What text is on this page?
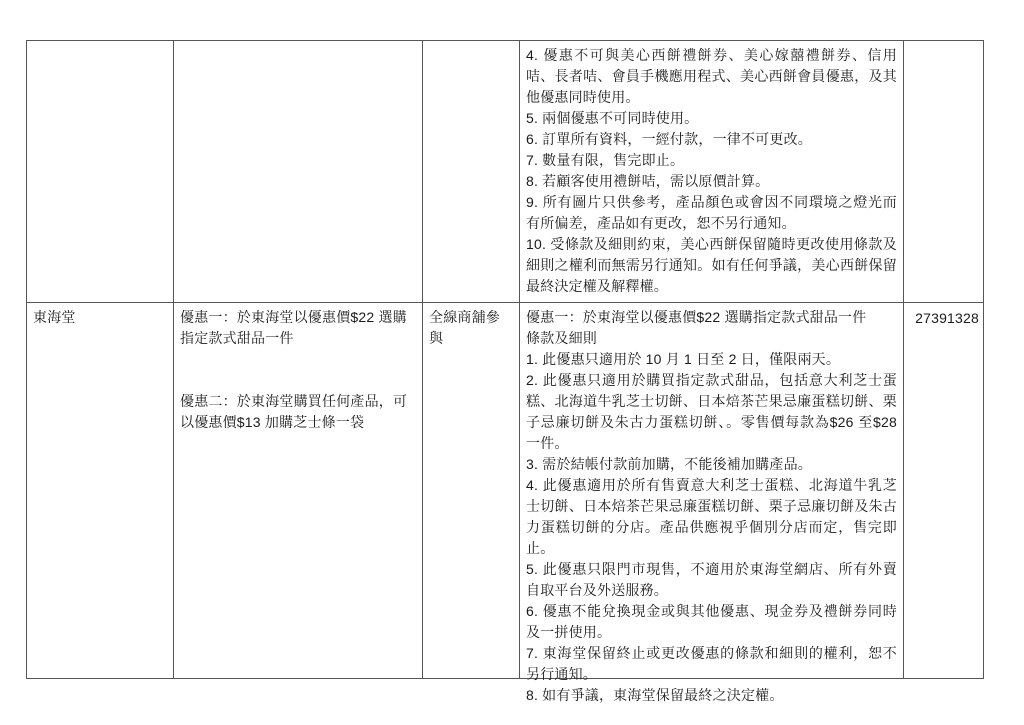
4. 優惠不可與美心西餅禮餅券、美心嫁囍禮餅券、信用咭、長者咭、會員手機應用程式、美心西餅會員優惠，及其他優惠同時使用。
5. 兩個優惠不可同時使用。
6. 訂單所有資料，一經付款，一律不可更改。
7. 數量有限，售完即止。
8. 若顧客使用禮餅咭，需以原價計算。
9. 所有圖片只供參考，產品顏色或會因不同環境之燈光而有所偏差，產品如有更改，恕不另行通知。
10. 受條款及細則約束，美心西餅保留隨時更改使用條款及細則之權利而無需另行通知。如有任何爭議，美心西餅保留最終決定權及解釋權。
東海堂	優惠一：於東海堂以優惠價$22 選購指定款式甜品一件
優惠二：於東海堂購買任何產品，可以優惠價$13 加購芝士條一袋
全線商舖參與
優惠一：於東海堂以優惠價$22 選購指定款式甜品一件
條款及細則
1. 此優惠只適用於 10 月 1 日至 2 日，僅限兩天。
2. 此優惠只適用於購買指定款式甜品，包括意大利芝士蛋糕、北海道牛乳芝士切餅、日本焙茶芒果忌廉蛋糕切餅、栗子忌廉切餅及朱古力蛋糕切餅、。零售價每款為$26 至$28 一件。
3. 需於結帳付款前加購，不能後補加購產品。
4. 此優惠適用於所有售賣意大利芝士蛋糕、北海道牛乳芝士切餅、日本焙茶芒果忌廉蛋糕切餅、栗子忌廉切餅及朱古力蛋糕切餅的分店。產品供應視乎個別分店而定，售完即止。
5. 此優惠只限門市現售，不適用於東海堂網店、所有外賣自取平台及外送服務。
6. 優惠不能兌換現金或與其他優惠、現金券及禮餅券同時及一拼使用。
7. 東海堂保留終止或更改優惠的條款和細則的權利，恕不另行通知。
8. 如有爭議，東海堂保留最終之決定權。
27391328
